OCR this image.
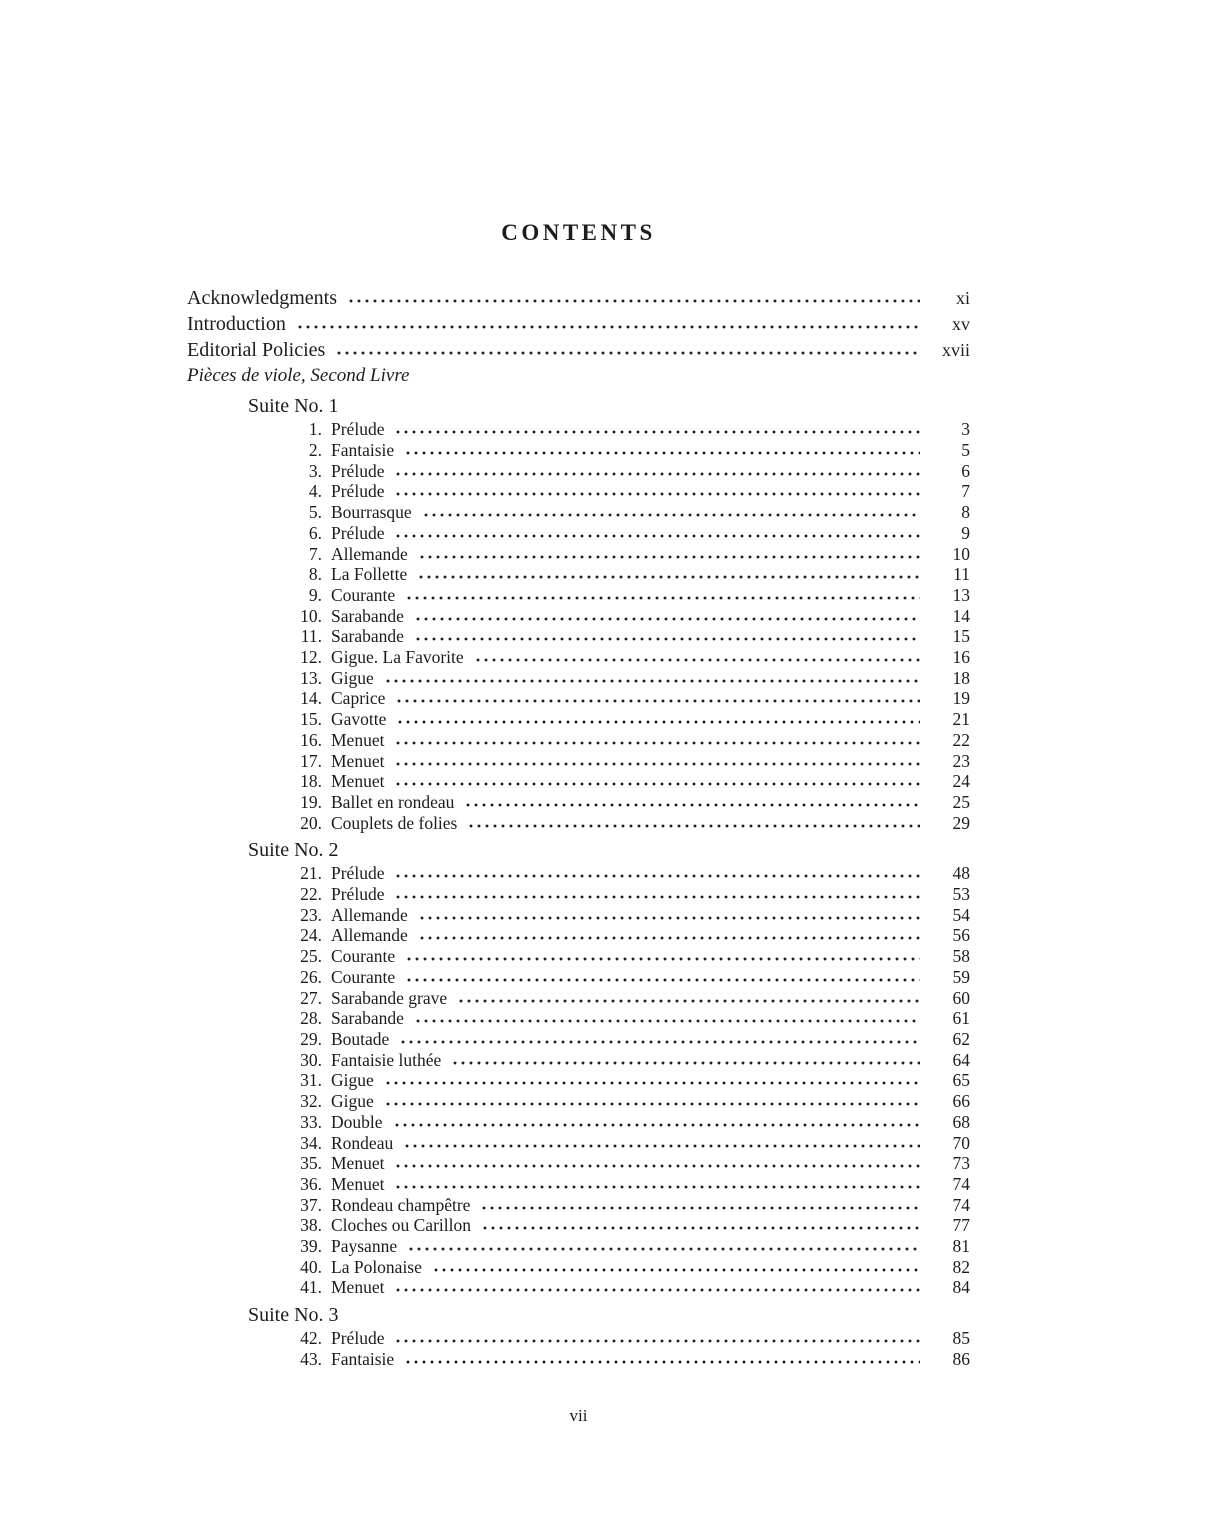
CONTENTS
Acknowledgments	xi
Introduction	xv
Editorial Policies	xvii
Pièces de viole, Second Livre
Suite No. 1
1. Prélude	3
2. Fantaisie	5
3. Prélude	6
4. Prélude	7
5. Bourrasque	8
6. Prélude	9
7. Allemande	10
8. La Follette	11
9. Courante	13
10. Sarabande	14
11. Sarabande	15
12. Gigue. La Favorite	16
13. Gigue	18
14. Caprice	19
15. Gavotte	21
16. Menuet	22
17. Menuet	23
18. Menuet	24
19. Ballet en rondeau	25
20. Couplets de folies	29
Suite No. 2
21. Prélude	48
22. Prélude	53
23. Allemande	54
24. Allemande	56
25. Courante	58
26. Courante	59
27. Sarabande grave	60
28. Sarabande	61
29. Boutade	62
30. Fantaisie luthée	64
31. Gigue	65
32. Gigue	66
33. Double	68
34. Rondeau	70
35. Menuet	73
36. Menuet	74
37. Rondeau champêtre	74
38. Cloches ou Carillon	77
39. Paysanne	81
40. La Polonaise	82
41. Menuet	84
Suite No. 3
42. Prélude	85
43. Fantaisie	86
vii
